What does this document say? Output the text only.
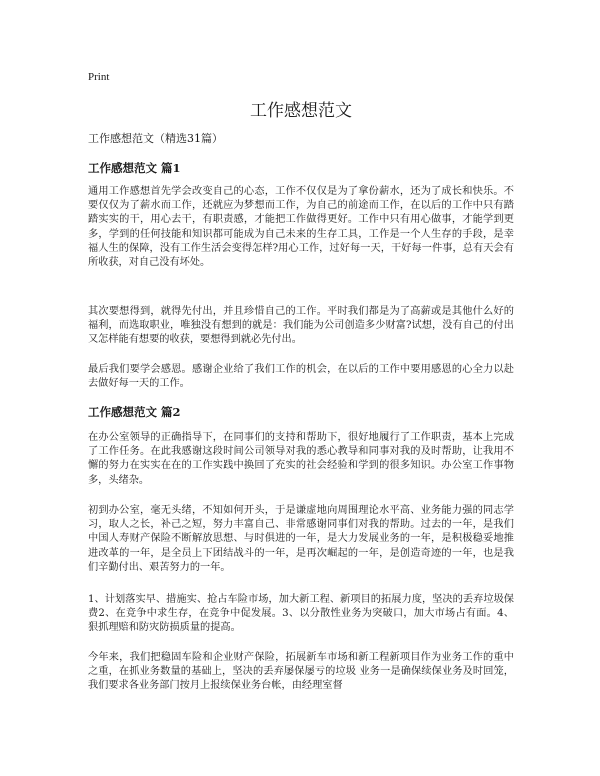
Print
工作感想范文
工作感想范文（精选31篇）
工作感想范文 篇1

通用工作感想首先学会改变自己的心态，工作不仅仅是为了拿份薪水，还为了成长和快乐。不要仅仅为了薪水而工作，还就应为梦想而工作，为自己的前途而工作，在以后的工作中只有踏踏实实的干，用心去干，有职责感，才能把工作做得更好。工作中只有用心做事，才能学到更多，学到的任何技能和知识都可能成为自己未来的生存工具，工作是一个人生存的手段，是幸福人生的保障，没有工作生活会变得怎样?用心工作，过好每一天，干好每一件事，总有天会有所收获，对自己没有坏处。

其次要想得到，就得先付出，并且珍惜自己的工作。平时我们都是为了高薪或是其他什么好的福利，而选取职业，唯独没有想到的就是：我们能为公司创造多少财富?试想，没有自己的付出又怎样能有想要的收获，要想得到就必先付出。

最后我们要学会感恩。感谢企业给了我们工作的机会，在以后的工作中要用感恩的心全力以赴去做好每一天的工作。

工作感想范文 篇2

在办公室领导的正确指导下，在同事们的支持和帮助下，很好地履行了工作职责，基本上完成了工作任务。在此我感谢这段时间公司领导对我的悉心教导和同事对我的及时帮助，让我用不懈的努力在实实在在的工作实践中换回了充实的社会经验和学到的很多知识。办公室工作事物多，头绪杂。

初到办公室，毫无头绪，不知如何开头，于是谦虚地向周围理论水平高、业务能力强的同志学习，取人之长，补己之短，努力丰富自己、非常感谢同事们对我的帮助。过去的一年，是我们中国人寿财产保险不断解放思想、与时俱进的一年，是大力发展业务的一年，是积极稳妥地推进改革的一年，是全员上下团结战斗的一年，是再次崛起的一年，是创造奇迹的一年，也是我们辛勤付出、艰苦努力的一年。

1、计划落实早、措施实、抢占车险市场，加大新工程、新项目的拓展力度，坚决的丢弃垃圾保费2、在竞争中求生存，在竞争中促发展。3、以分散性业务为突破口，加大市场占有面。4、狠抓理赔和防灾防损质量的提高。

今年来，我们把稳固车险和企业财产保险，拓展新车市场和新工程新项目作为业务工作的重中之重，在抓业务数量的基础上，坚决的丢弃屡保屡亏的垃圾 业务一是确保续保业务及时回笼，我们要求各业务部门按月上报续保业务台帐，由经理室督
